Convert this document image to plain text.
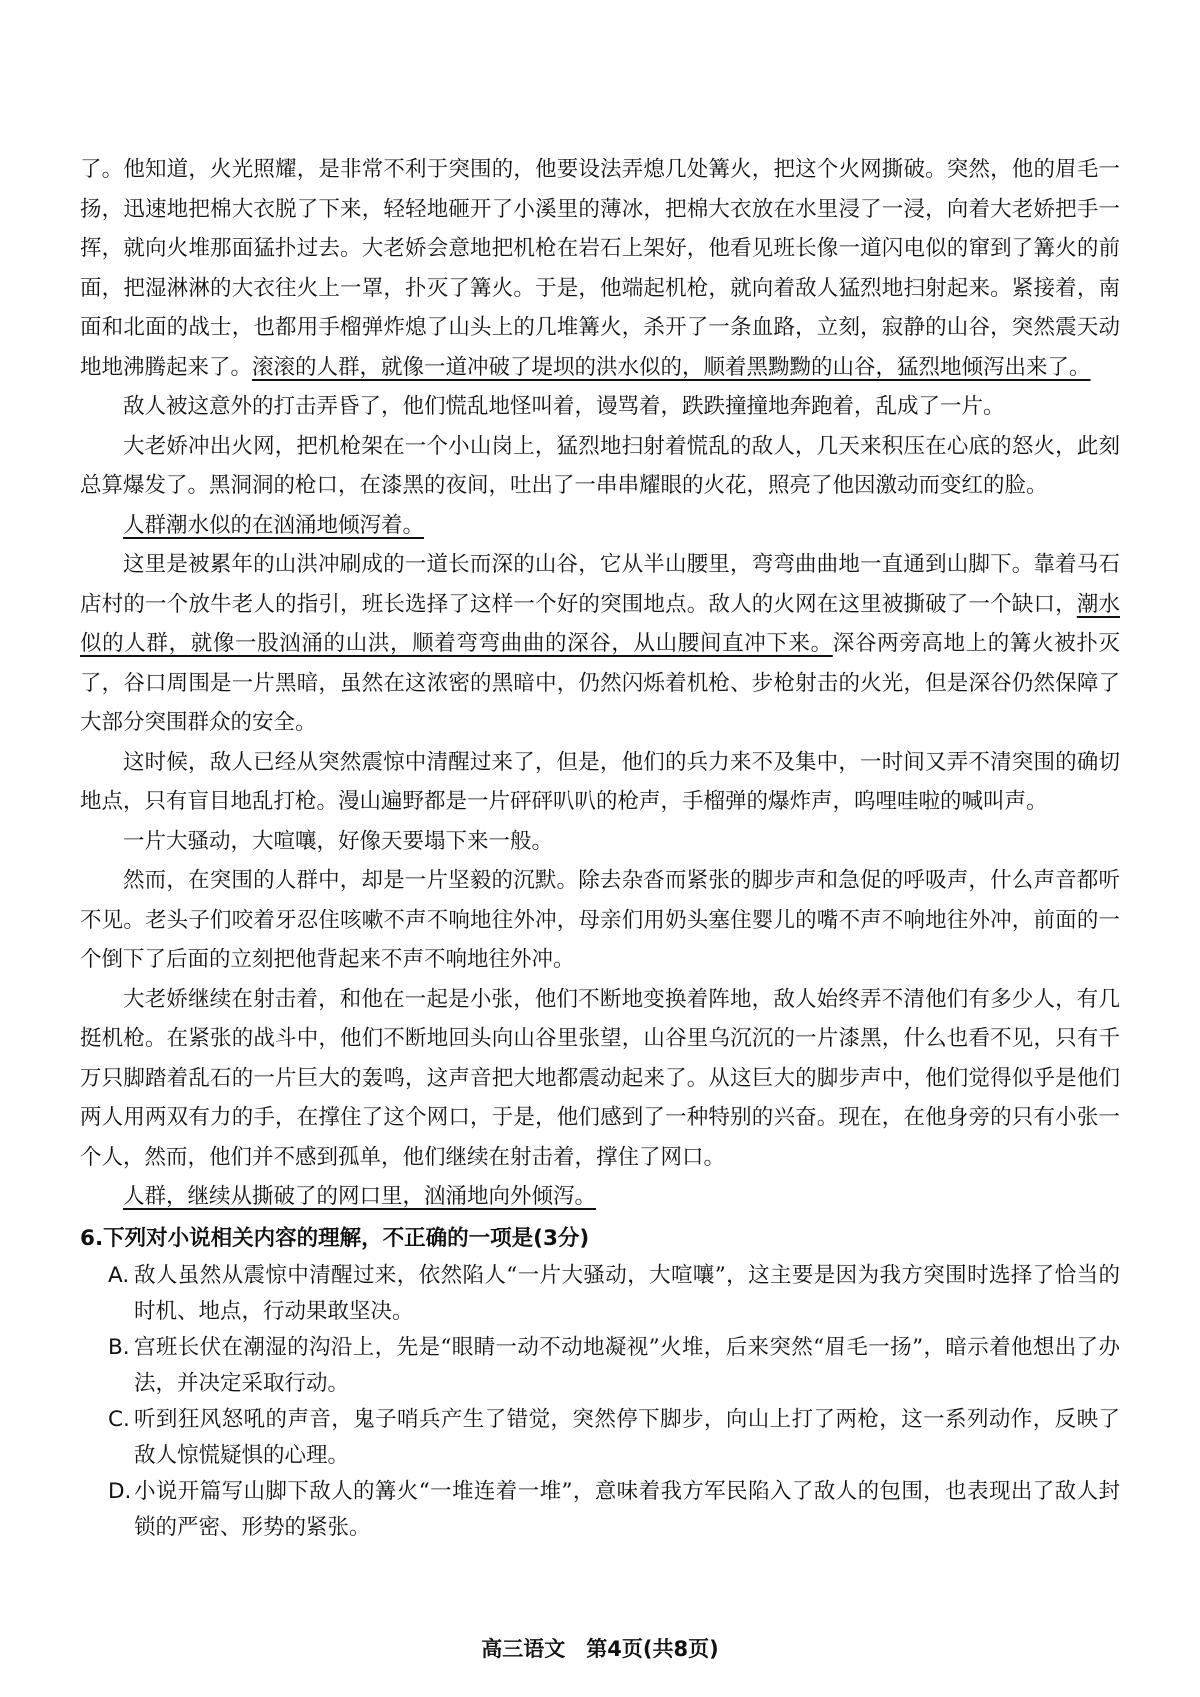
了。他知道，火光照耀，是非常不利于突围的，他要设法弄熄几处篝火，把这个火网撕破。突然，他的眉毛一扬，迅速地把棉大衣脱了下来，轻轻地砸开了小溪里的薄冰，把棉大衣放在水里浸了一浸，向着大老娇把手一挥，就向火堆那面猛扑过去。大老娇会意地把机枪在岩石上架好，他看见班长像一道闪电似的窜到了篝火的前面，把湿淋淋的大衣往火上一罩，扑灭了篝火。于是，他端起机枪，就向着敌人猛烈地扫射起来。紧接着，南面和北面的战士，也都用手榴弹炸熄了山头上的几堆篝火，杀开了一条血路，立刻，寂静的山谷，突然震天动地地沸腾起来了。滚滚的人群，就像一道冲破了堤坝的洪水似的，顺着黑黝黝的山谷，猛烈地倾泻出来了。

敌人被这意外的打击弄昏了，他们慌乱地怪叫着，谩骂着，跌跌撞撞地奔跑着，乱成了一片。

大老娇冲出火网，把机枪架在一个小山岗上，猛烈地扫射着慌乱的敌人，几天来积压在心底的怒火，此刻总算爆发了。黑洞洞的枪口，在漆黑的夜间，吐出了一串串耀眼的火花，照亮了他因激动而变红的脸。

人群潮水似的在汹涌地倾泻着。

这里是被累年的山洪冲刷成的一道长而深的山谷，它从半山腰里，弯弯曲曲地一直通到山脚下。靠着马石店村的一个放牛老人的指引，班长选择了这样一个好的突围地点。敌人的火网在这里被撕破了一个缺口，潮水似的人群，就像一股汹涌的山洪，顺着弯弯曲曲的深谷，从山腰间直冲下来。深谷两旁高地上的篝火被扑灭了，谷口周围是一片黑暗，虽然在这浓密的黑暗中，仍然闪烁着机枪、步枪射击的火光，但是深谷仍然保障了大部分突围群众的安全。

这时候，敌人已经从突然震惊中清醒过来了，但是，他们的兵力来不及集中，一时间又弄不清突围的确切地点，只有盲目地乱打枪。漫山遍野都是一片砰砰叭叭的枪声，手榴弹的爆炸声，呜哩哇啦的喊叫声。

一片大骚动，大喧嚷，好像天要塌下来一般。

然而，在突围的人群中，却是一片坚毅的沉默。除去杂沓而紧张的脚步声和急促的呼吸声，什么声音都听不见。老头子们咬着牙忍住咳嗽不声不响地往外冲，母亲们用奶头塞住婴儿的嘴不声不响地往外冲，前面的一个倒下了后面的立刻把他背起来不声不响地往外冲。

大老娇继续在射击着，和他在一起是小张，他们不断地变换着阵地，敌人始终弄不清他们有多少人，有几挺机枪。在紧张的战斗中，他们不断地回头向山谷里张望，山谷里乌沉沉的一片漆黑，什么也看不见，只有千万只脚踏着乱石的一片巨大的轰鸣，这声音把大地都震动起来了。从这巨大的脚步声中，他们觉得似乎是他们两人用两双有力的手，在撑住了这个网口，于是，他们感到了一种特别的兴奋。现在，在他身旁的只有小张一个人，然而，他们并不感到孤单，他们继续在射击着，撑住了网口。

人群，继续从撕破了的网口里，汹涌地向外倾泻。

6.下列对小说相关内容的理解，不正确的一项是(3分)

A. 敌人虽然从震惊中清醒过来，依然陷人“一片大骚动，大喧嚷”，这主要是因为我方突围时选择了恰当的时机、地点，行动果敢坚决。
B. 宫班长伏在潮湿的沟沿上，先是“眼睛一动不动地凝视”火堆，后来突然“眉毛一扬”，暗示着他想出了办法，并决定采取行动。
C. 听到狂风怒吼的声音，鬼子哨兵产生了错觉，突然停下脚步，向山上打了两枪，这一系列动作，反映了敌人惊慌疑惧的心理。
D. 小说开篇写山脚下敌人的篝火“一堆连着一堆”，意味着我方军民陷入了敌人的包围，也表现出了敌人封锁的严密、形势的紧张。
高三语文　第4页(共8页)
